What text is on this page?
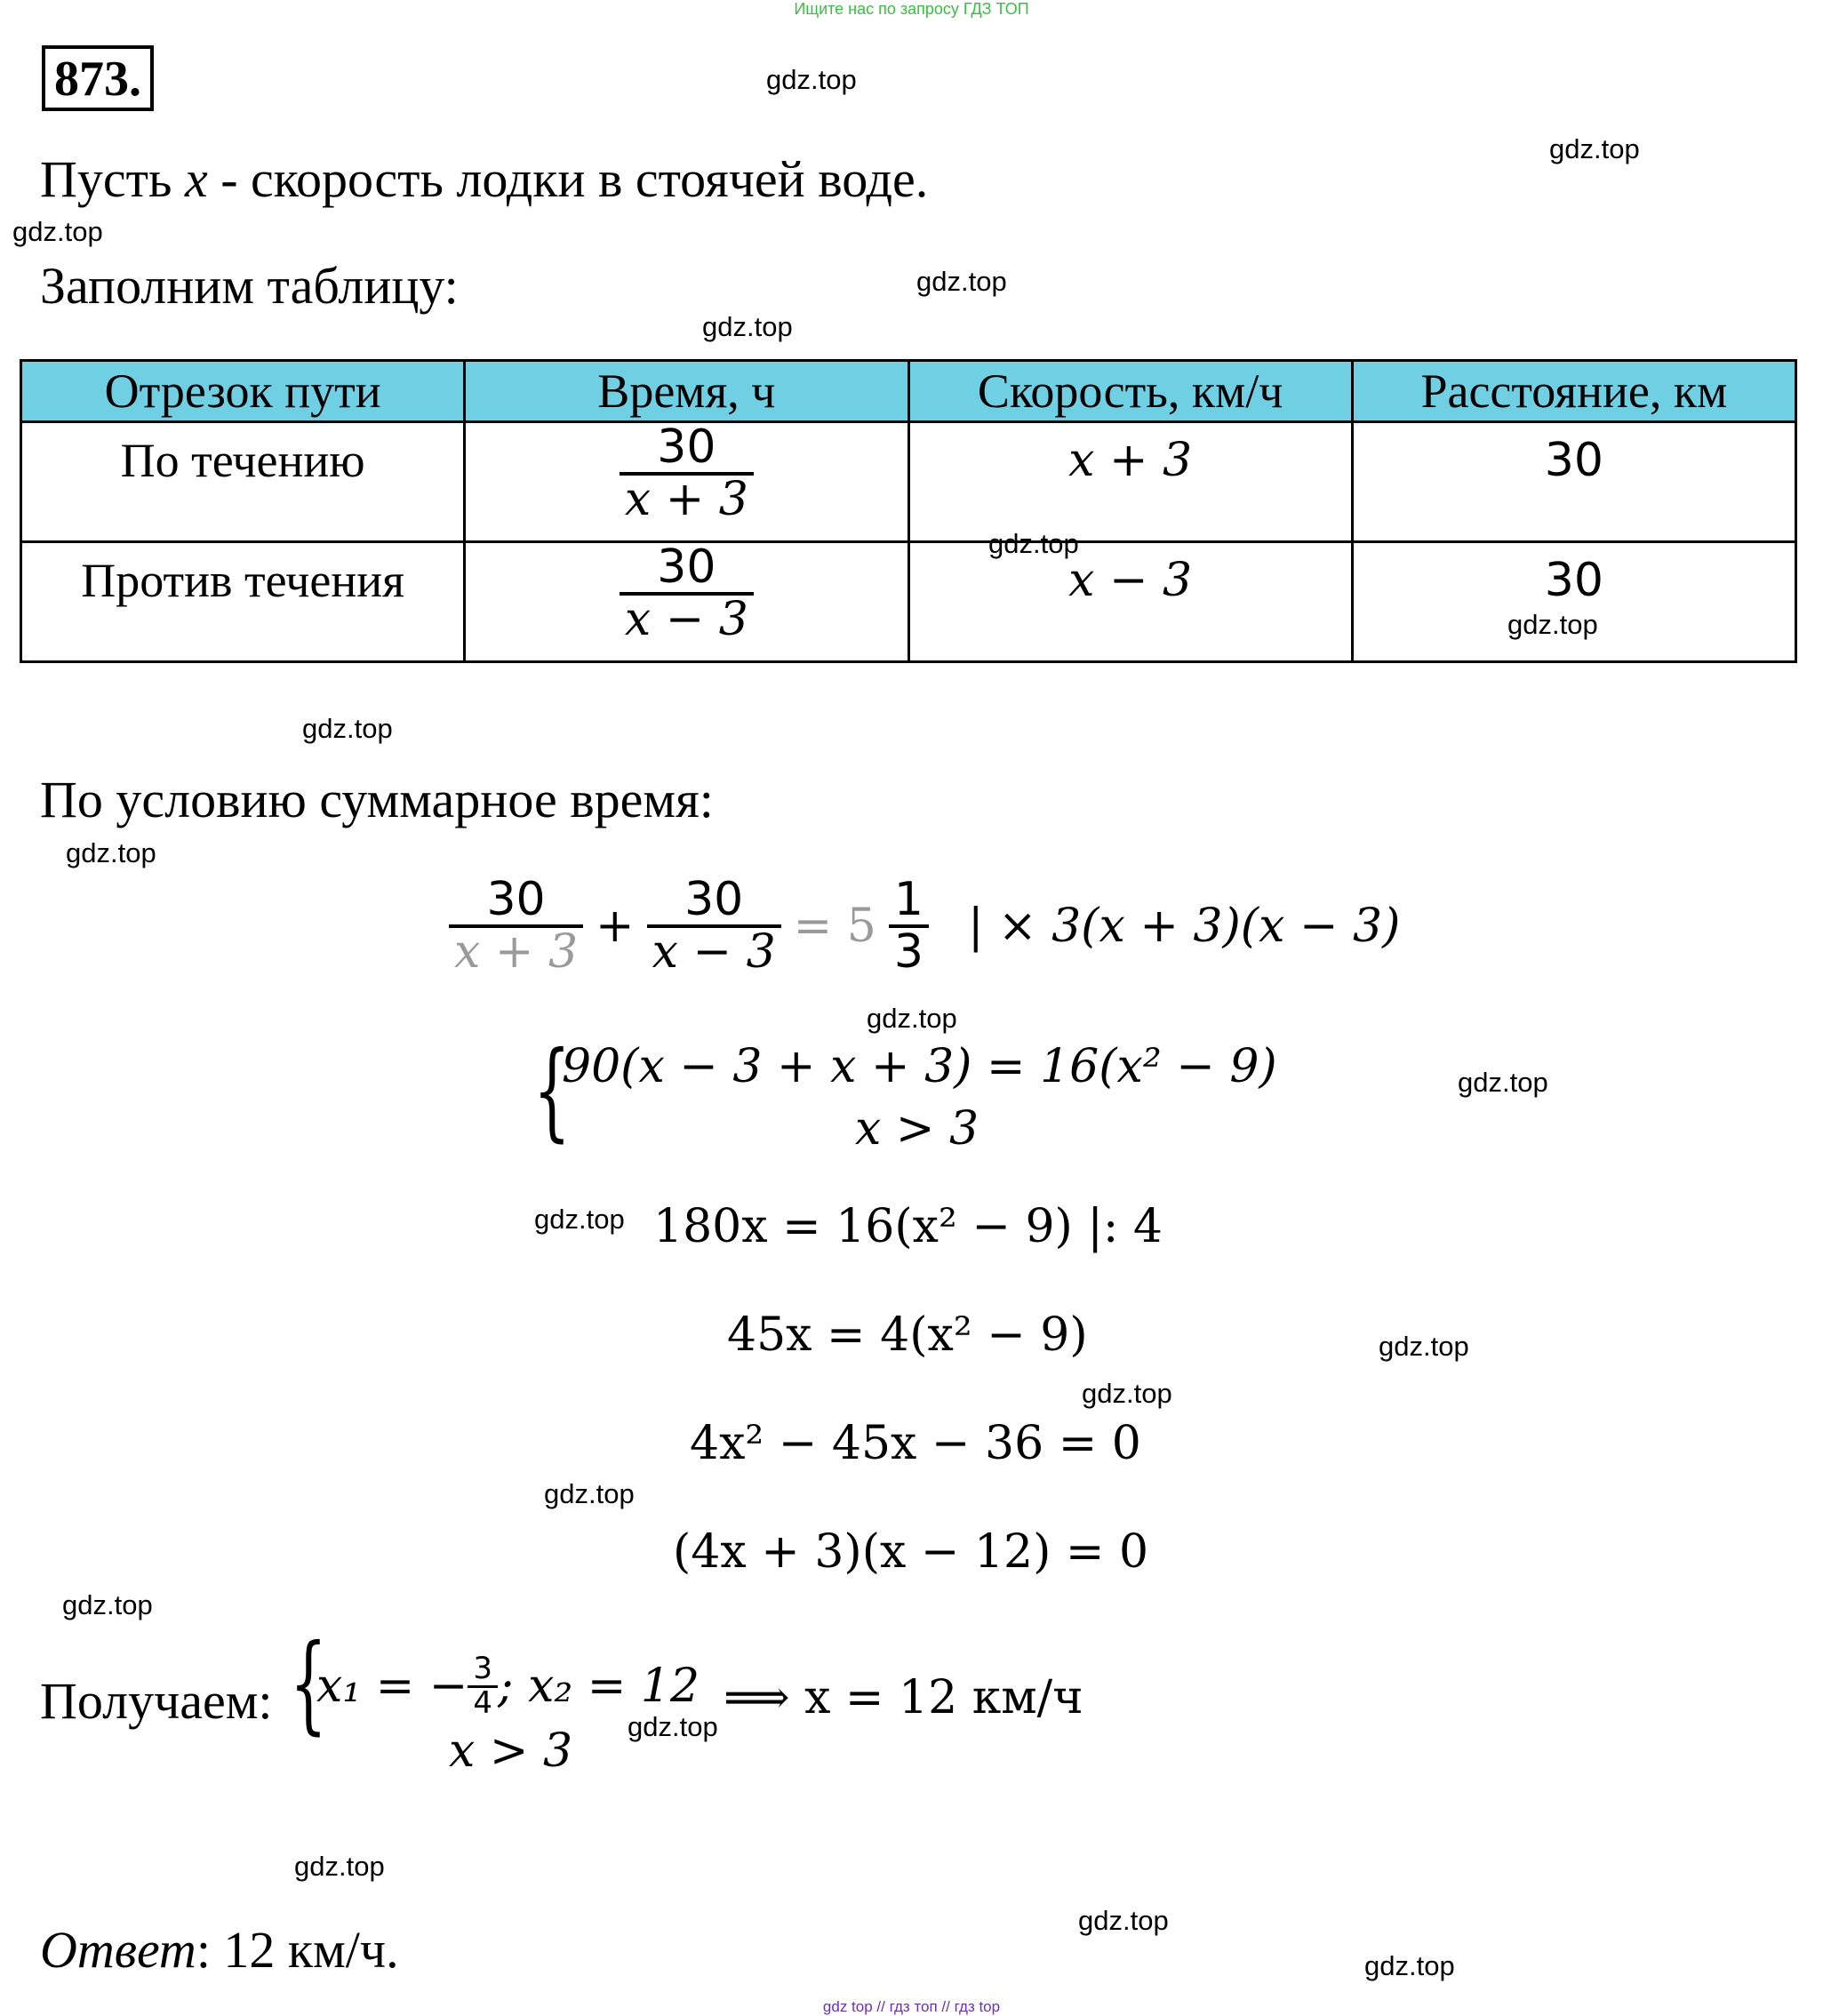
Ищите нас по запросу ГДЗ ТОП
873.	gdz.top
gdz.top
gdz.top
gdz.top
gdz.top
gdz.top
gdz.top
gdz.top
gdz.top
gdz.top
gdz.top
gdz.top
gdz.top
gdz.top
gdz.top
gdz.top
gdz.top
gdz.top
gdz.top
gdz.top
Пусть x - скорость лодки в стоячей воде.
Заполним таблицу:
Отрезок пути	Время, ч	Скорость, км/ч	Расстояние, км

По течению	$\frac{30}{x + 3}$	x + 3	30

Против течения	$\frac{30}{x - 3}$	x − 3	30
По условию суммарное время:
$\frac{30}{x + 3} + \frac{30}{x - 3} = 5 \frac{1}{3}$ | × 3(x + 3)(x − 3)
{
90(x − 3 + x + 3) = 16(x² − 9)
x > 3
180x = 16(x² − 9) |: 4
45x = 4(x² − 9)
4x² − 45x − 36 = 0
(4x + 3)(x − 12) = 0
Получаем: {
x₁ = − $\frac{3}{4}$ ; x₂ = 12
x > 3
⟹ x = 12 км/ч
Ответ: 12 км/ч.
gdz top // гдз топ // гдз top
